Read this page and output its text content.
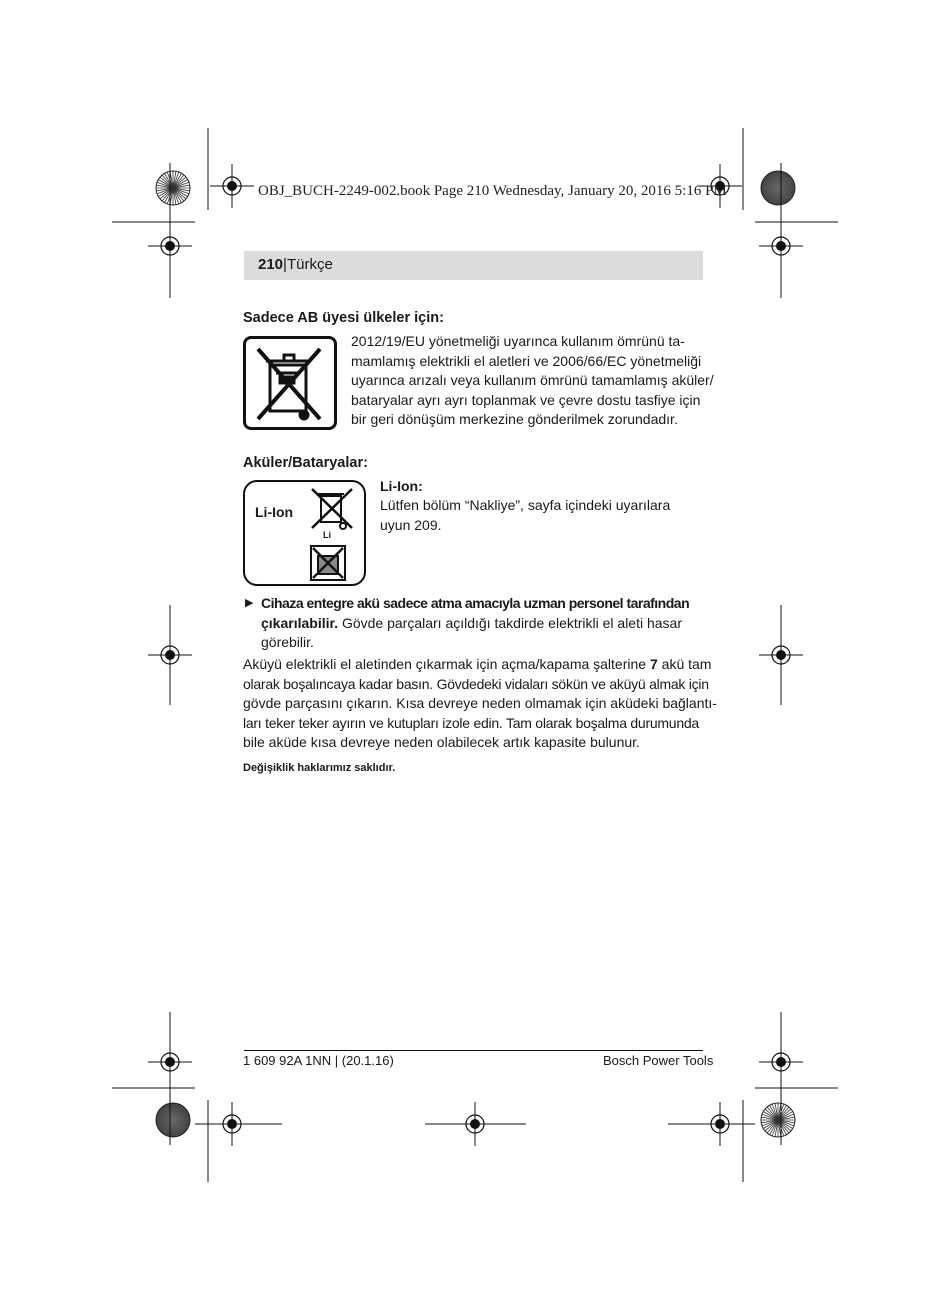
OBJ_BUCH-2249-002.book Page 210 Wednesday, January 20, 2016 5:16 PM
210|Türkçe
Sadece AB üyesi ülkeler için:
2012/19/EU yönetmeliği uyarınca kullanım ömrünü ta-
mamlamış elektrikli el aletleri ve 2006/66/EC yönetmeliği
uyarınca arızalı veya kullanım ömrünü tamamlamış aküler/
bataryalar ayrı ayrı toplanmak ve çevre dostu tasfiye için
bir geri dönüşüm merkezine gönderilmek zorundadır.
Aküler/Bataryalar:
Li-Ion
Li
Li-Ion:
Lütfen bölüm “Nakliye”, sayfa içindeki uyarılara
uyun 209.
▶ Cihaza entegre akü sadece atma amacıyla uzman personel tarafından
çıkarılabilir. Gövde parçaları açıldığı takdirde elektrikli el aleti hasar
görebilir.
Aküyü elektrikli el aletinden çıkarmak için açma/kapama şalterine 7 akü tam
olarak boşalıncaya kadar basın. Gövdedeki vidaları sökün ve aküyü almak için
gövde parçasını çıkarın. Kısa devreye neden olmamak için aküdeki bağlantı-
ları teker teker ayırın ve kutupları izole edin. Tam olarak boşalma durumunda
bile aküde kısa devreye neden olabilecek artık kapasite bulunur.
Değişiklik haklarımız saklıdır.
1 609 92A 1NN | (20.1.16)	Bosch Power Tools
